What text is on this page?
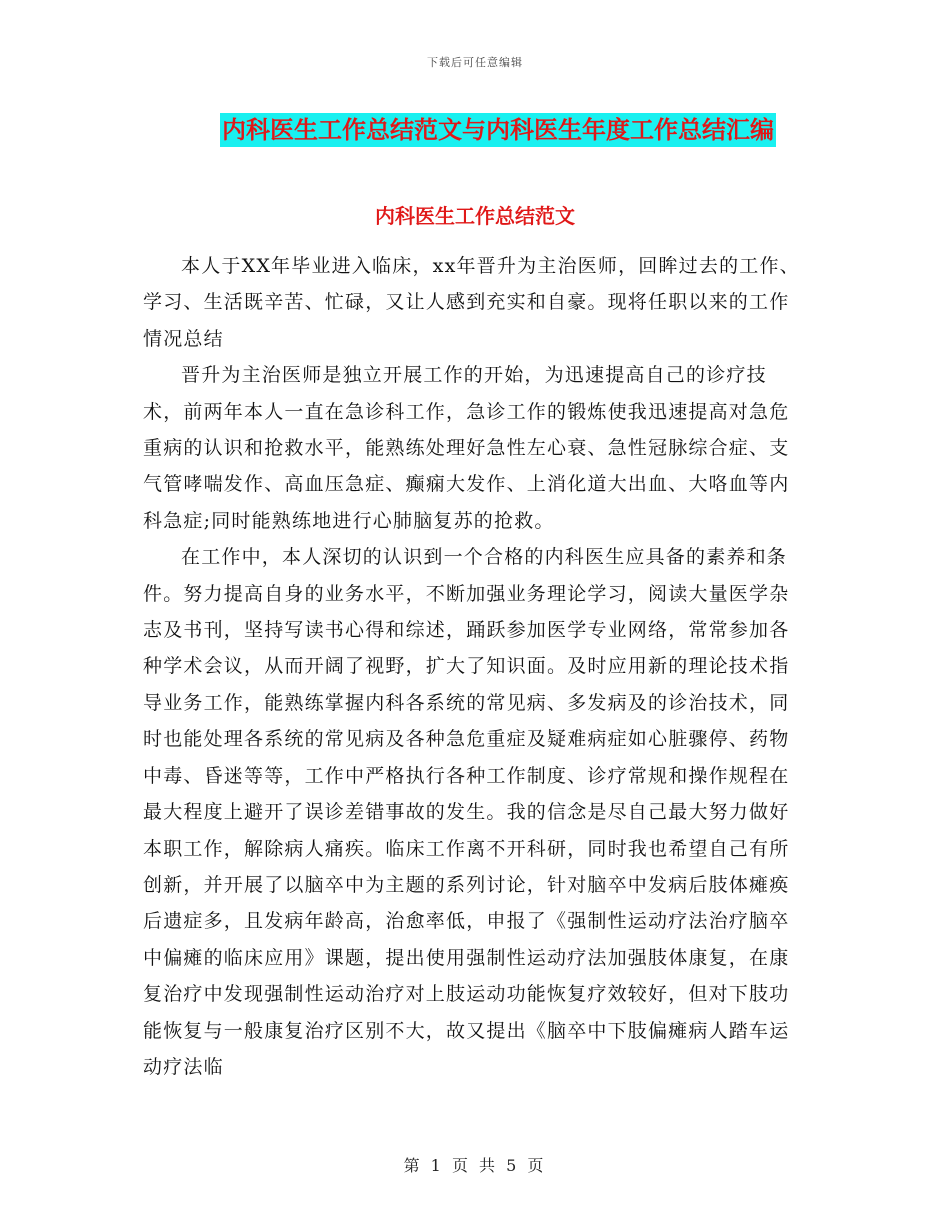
下载后可任意编辑
内科医生工作总结范文与内科医生年度工作总结汇编
内科医生工作总结范文

本人于XX年毕业进入临床，xx年晋升为主治医师，回眸过去的工作、学习、生活既辛苦、忙碌，又让人感到充实和自豪。现将任职以来的工作情况总结

晋升为主治医师是独立开展工作的开始，为迅速提高自己的诊疗技术，前两年本人一直在急诊科工作，急诊工作的锻炼使我迅速提高对急危重病的认识和抢救水平，能熟练处理好急性左心衰、急性冠脉综合症、支气管哮喘发作、高血压急症、癫痫大发作、上消化道大出血、大咯血等内科急症;同时能熟练地进行心肺脑复苏的抢救。

在工作中，本人深切的认识到一个合格的内科医生应具备的素养和条件。努力提高自身的业务水平，不断加强业务理论学习，阅读大量医学杂志及书刊，坚持写读书心得和综述，踊跃参加医学专业网络，常常参加各种学术会议，从而开阔了视野，扩大了知识面。及时应用新的理论技术指导业务工作，能熟练掌握内科各系统的常见病、多发病及的诊治技术，同时也能处理各系统的常见病及各种急危重症及疑难病症如心脏骤停、药物中毒、昏迷等等，工作中严格执行各种工作制度、诊疗常规和操作规程在最大程度上避开了误诊差错事故的发生。我的信念是尽自己最大努力做好本职工作，解除病人痛疾。临床工作离不开科研，同时我也希望自己有所创新，并开展了以脑卒中为主题的系列讨论，针对脑卒中发病后肢体瘫痪后遗症多，且发病年龄高，治愈率低，申报了《强制性运动疗法治疗脑卒中偏瘫的临床应用》课题，提出使用强制性运动疗法加强肢体康复，在康复治疗中发现强制性运动治疗对上肢运动功能恢复疗效较好，但对下肢功能恢复与一般康复治疗区别不大，故又提出《脑卒中下肢偏瘫病人踏车运动疗法临

第 1 页 共 5 页
